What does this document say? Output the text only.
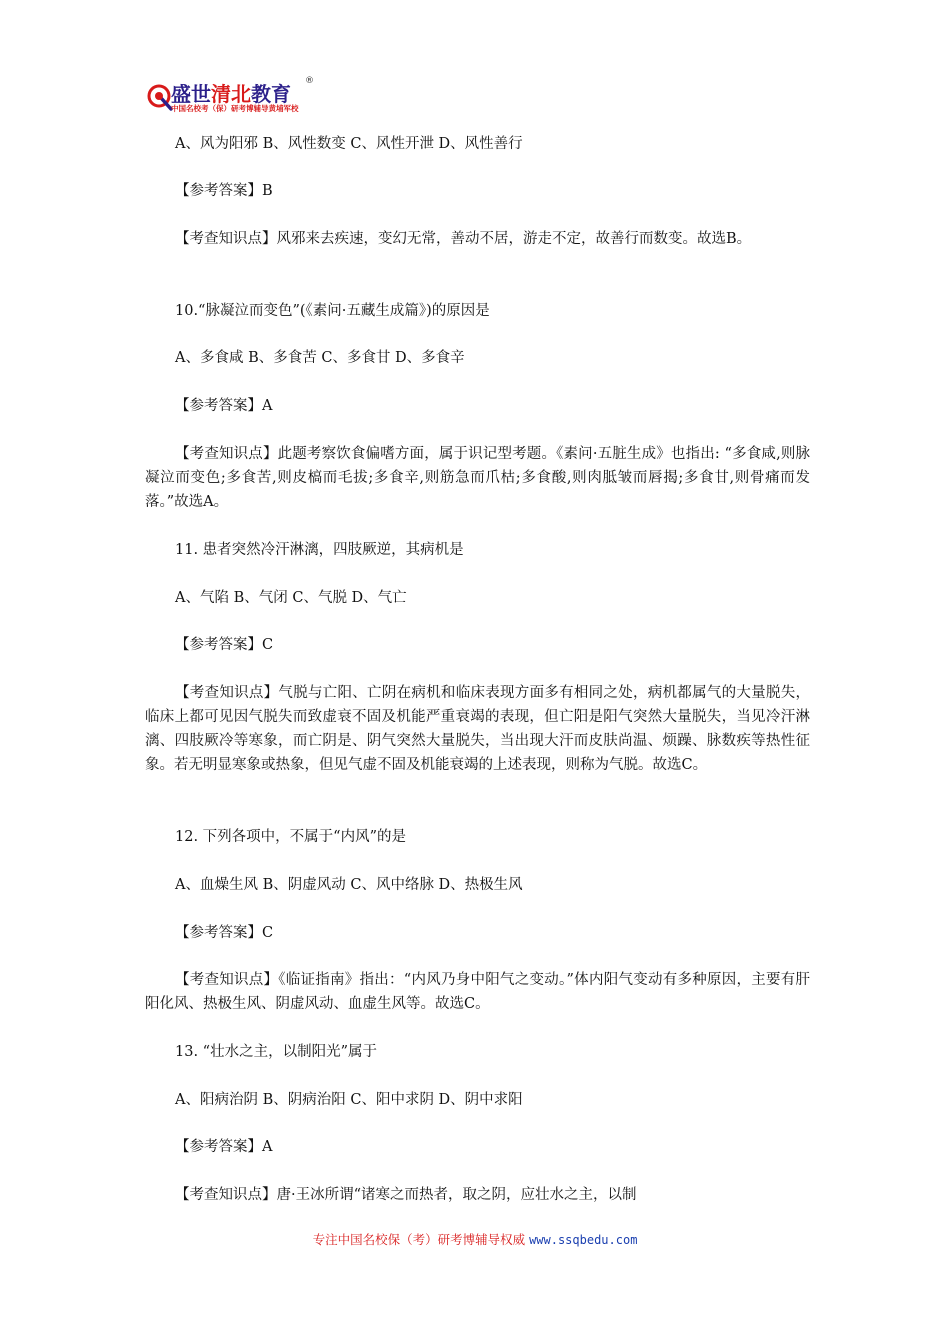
盛世清北教育
®
中国名校考（保）研考博辅导黄埔军校
A、风为阳邪 B、风性数变 C、风性开泄 D、风性善行
【参考答案】B
【考查知识点】风邪来去疾速，变幻无常，善动不居，游走不定，故善行而数变。故选B。
10.“脉凝泣而变色”(《素问·五藏生成篇》)的原因是
A、多食咸 B、多食苦 C、多食甘 D、多食辛
【参考答案】A
【考查知识点】此题考察饮食偏嗜方面，属于识记型考题。《素问·五脏生成》也指出: “多食咸,则脉凝泣而变色;多食苦,则皮槁而毛拔;多食辛,则筋急而爪枯;多食酸,则肉胝皱而唇揭;多食甘,则骨痛而发落。”故选A。
11. 患者突然冷汗淋漓，四肢厥逆，其病机是
A、气陷 B、气闭 C、气脱 D、气亡
【参考答案】C
【考查知识点】气脱与亡阳、亡阴在病机和临床表现方面多有相同之处，病机都属气的大量脱失，临床上都可见因气脱失而致虚衰不固及机能严重衰竭的表现，但亡阳是阳气突然大量脱失，当见冷汗淋漓、四肢厥冷等寒象，而亡阴是、阴气突然大量脱失，当出现大汗而皮肤尚温、烦躁、脉数疾等热性征象。若无明显寒象或热象，但见气虚不固及机能衰竭的上述表现，则称为气脱。故选C。
12. 下列各项中，不属于“内风”的是
A、血燥生风 B、阴虚风动 C、风中络脉 D、热极生风
【参考答案】C
【考查知识点】《临证指南》指出：“内风乃身中阳气之变动。”体内阳气变动有多种原因，主要有肝阳化风、热极生风、阴虚风动、血虚生风等。故选C。
13. “壮水之主，以制阳光”属于
A、阳病治阴 B、阴病治阳 C、阳中求阴 D、阴中求阳
【参考答案】A
【考查知识点】唐·王冰所谓“诸寒之而热者，取之阴，应壮水之主，以制
专注中国名校保（考）研考博辅导权威 www.ssqbedu.com
